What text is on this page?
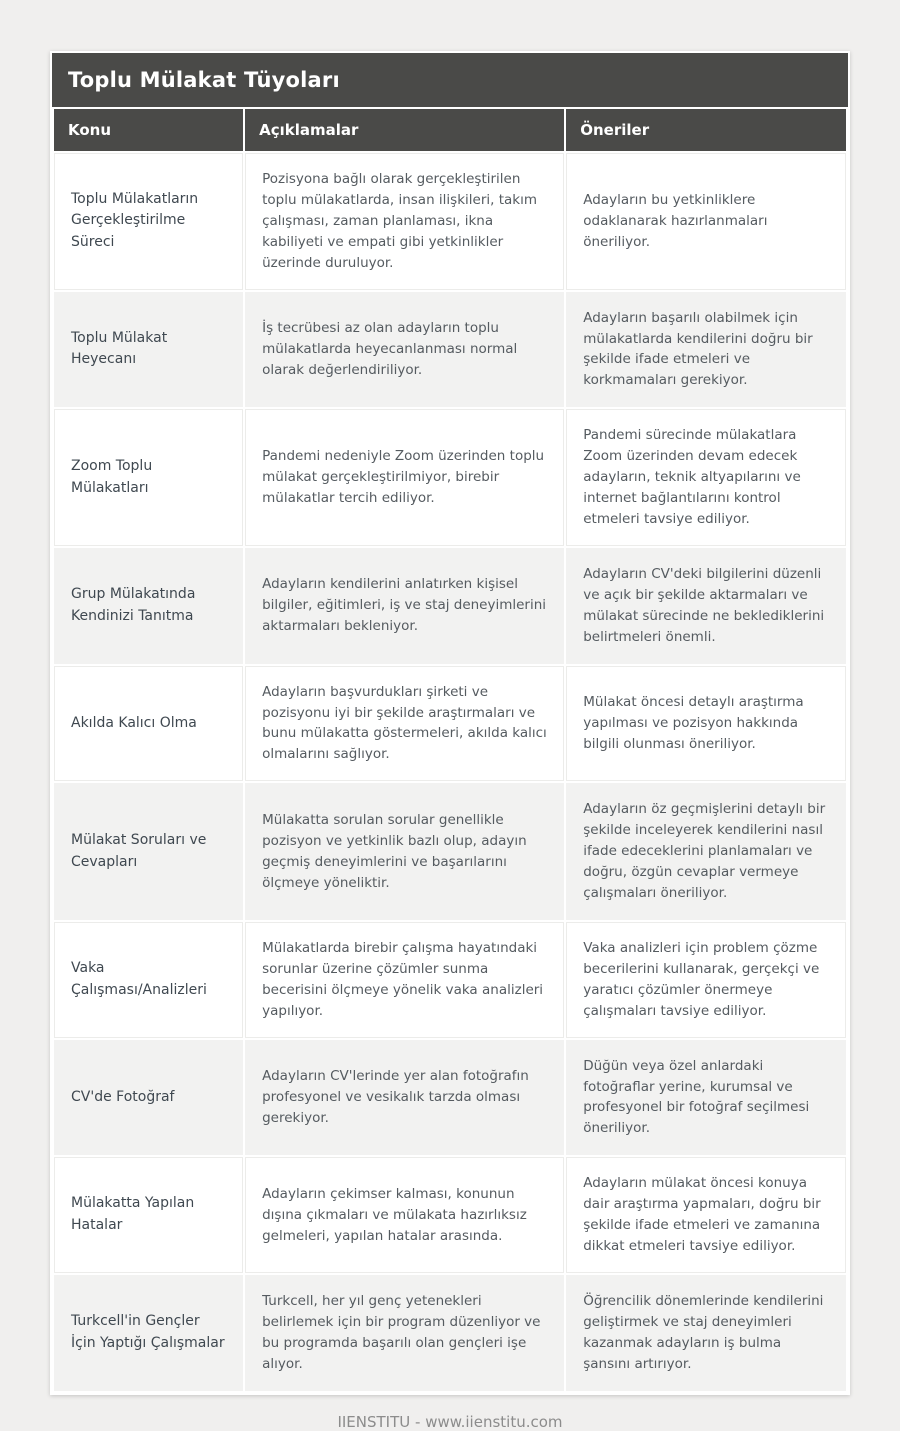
Toplu Mülakat Tüyoları
Konu	Açıklamalar	Öneriler
Toplu Mülakatların Gerçekleştirilme Süreci	Pozisyona bağlı olarak gerçekleştirilen toplu mülakatlarda, insan ilişkileri, takım çalışması, zaman planlaması, ikna kabiliyeti ve empati gibi yetkinlikler üzerinde duruluyor.	Adayların bu yetkinliklere odaklanarak hazırlanmaları öneriliyor.
Toplu Mülakat Heyecanı	İş tecrübesi az olan adayların toplu mülakatlarda heyecanlanması normal olarak değerlendiriliyor.	Adayların başarılı olabilmek için mülakatlarda kendilerini doğru bir şekilde ifade etmeleri ve korkmamaları gerekiyor.
Zoom Toplu Mülakatları	Pandemi nedeniyle Zoom üzerinden toplu mülakat gerçekleştirilmiyor, birebir mülakatlar tercih ediliyor.	Pandemi sürecinde mülakatlara Zoom üzerinden devam edecek adayların, teknik altyapılarını ve internet bağlantılarını kontrol etmeleri tavsiye ediliyor.
Grup Mülakatında Kendinizi Tanıtma	Adayların kendilerini anlatırken kişisel bilgiler, eğitimleri, iş ve staj deneyimlerini aktarmaları bekleniyor.	Adayların CV'deki bilgilerini düzenli ve açık bir şekilde aktarmaları ve mülakat sürecinde ne beklediklerini belirtmeleri önemli.
Akılda Kalıcı Olma	Adayların başvurdukları şirketi ve pozisyonu iyi bir şekilde araştırmaları ve bunu mülakatta göstermeleri, akılda kalıcı olmalarını sağlıyor.	Mülakat öncesi detaylı araştırma yapılması ve pozisyon hakkında bilgili olunması öneriliyor.
Mülakat Soruları ve Cevapları	Mülakatta sorulan sorular genellikle pozisyon ve yetkinlik bazlı olup, adayın geçmiş deneyimlerini ve başarılarını ölçmeye yöneliktir.	Adayların öz geçmişlerini detaylı bir şekilde inceleyerek kendilerini nasıl ifade edeceklerini planlamaları ve doğru, özgün cevaplar vermeye çalışmaları öneriliyor.
Vaka Çalışması/Analizleri	Mülakatlarda birebir çalışma hayatındaki sorunlar üzerine çözümler sunma becerisini ölçmeye yönelik vaka analizleri yapılıyor.	Vaka analizleri için problem çözme becerilerini kullanarak, gerçekçi ve yaratıcı çözümler önermeye çalışmaları tavsiye ediliyor.
CV'de Fotoğraf	Adayların CV'lerinde yer alan fotoğrafın profesyonel ve vesikalık tarzda olması gerekiyor.	Düğün veya özel anlardaki fotoğraflar yerine, kurumsal ve profesyonel bir fotoğraf seçilmesi öneriliyor.
Mülakatta Yapılan Hatalar	Adayların çekimser kalması, konunun dışına çıkmaları ve mülakata hazırlıksız gelmeleri, yapılan hatalar arasında.	Adayların mülakat öncesi konuya dair araştırma yapmaları, doğru bir şekilde ifade etmeleri ve zamanına dikkat etmeleri tavsiye ediliyor.
Turkcell'in Gençler İçin Yaptığı Çalışmalar	Turkcell, her yıl genç yetenekleri belirlemek için bir program düzenliyor ve bu programda başarılı olan gençleri işe alıyor.	Öğrencilik dönemlerinde kendilerini geliştirmek ve staj deneyimleri kazanmak adayların iş bulma şansını artırıyor.
IIENSTITU - www.iienstitu.com
